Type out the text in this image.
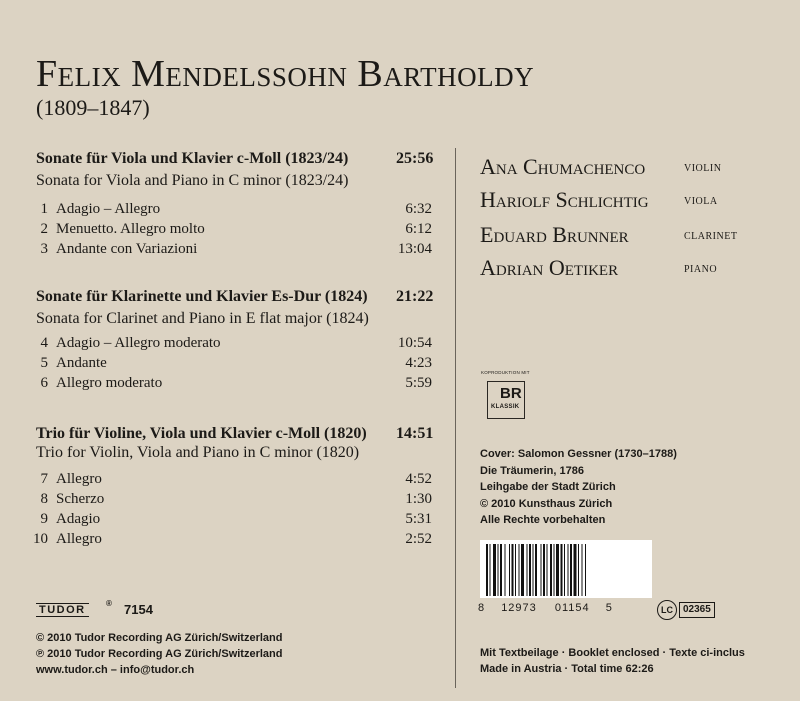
Felix Mendelssohn Bartholdy
(1809–1847)
Sonate für Viola und Klavier c-Moll (1823/24)	25:56
Sonata for Viola and Piano in C minor (1823/24)
1 Adagio – Allegro	6:32
2 Menuetto. Allegro molto	6:12
3 Andante con Variazioni	13:04
Sonate für Klarinette und Klavier Es-Dur (1824) 21:22
Sonata for Clarinet and Piano in E flat major (1824)
4 Adagio – Allegro moderato	10:54
5 Andante	4:23
6 Allegro moderato	5:59
Trio für Violine, Viola und Klavier c-Moll (1820) 14:51
Trio for Violin, Viola and Piano in C minor (1820)
7 Allegro	4:52
8 Scherzo	1:30
9 Adagio	5:31
10 Allegro	2:52
Ana Chumachenco	violin
Hariolf Schlichtig	viola
Eduard Brunner	clarinet
Adrian Oetiker	piano
KOPRODUKTION MIT
BR
KLASSIK
Cover: Salomon Gessner (1730–1788)
Die Träumerin, 1786
Leihgabe der Stadt Zürich
© 2010 Kunsthaus Zürich
Alle Rechte vorbehalten
8 12973 01154 5	LC	02365
TUDOR
® 7154
© 2010 Tudor Recording AG Zürich/Switzerland
℗ 2010 Tudor Recording AG Zürich/Switzerland
www.tudor.ch – info@tudor.ch
Mit Textbeilage · Booklet enclosed · Texte ci-inclus
Made in Austria · Total time 62:26
